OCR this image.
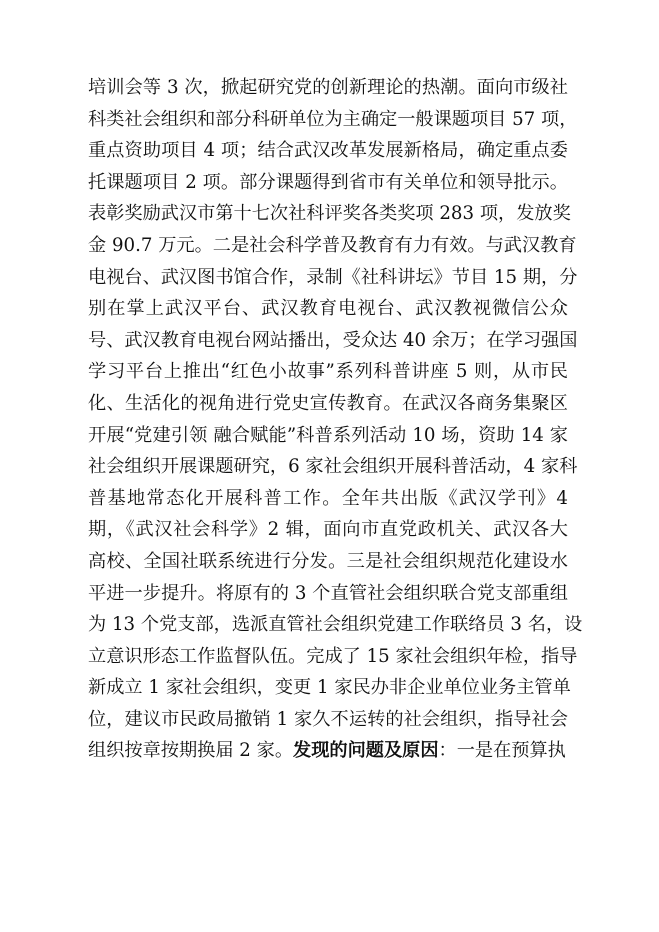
培训会等 3 次，掀起研究党的创新理论的热潮。面向市级社
科类社会组织和部分科研单位为主确定一般课题项目 57 项，
重点资助项目 4 项；结合武汉改革发展新格局，确定重点委
托课题项目 2 项。部分课题得到省市有关单位和领导批示。
表彰奖励武汉市第十七次社科评奖各类奖项 283 项，发放奖
金 90.7 万元。二是社会科学普及教育有力有效。与武汉教育
电视台、武汉图书馆合作，录制《社科讲坛》节目 15 期，分
别在掌上武汉平台、武汉教育电视台、武汉教视微信公众
号、武汉教育电视台网站播出，受众达 40 余万；在学习强国
学习平台上推出“红色小故事”系列科普讲座 5 则，从市民
化、生活化的视角进行党史宣传教育。在武汉各商务集聚区
开展“党建引领 融合赋能”科普系列活动 10 场，资助 14 家
社会组织开展课题研究，6 家社会组织开展科普活动，4 家科
普基地常态化开展科普工作。全年共出版《武汉学刊》4
期，《武汉社会科学》2 辑，面向市直党政机关、武汉各大
高校、全国社联系统进行分发。三是社会组织规范化建设水
平进一步提升。将原有的 3 个直管社会组织联合党支部重组
为 13 个党支部，选派直管社会组织党建工作联络员 3 名，设
立意识形态工作监督队伍。完成了 15 家社会组织年检，指导
新成立 1 家社会组织，变更 1 家民办非企业单位业务主管单
位，建议市民政局撤销 1 家久不运转的社会组织，指导社会
组织按章按期换届 2 家。发现的问题及原因：一是在预算执
